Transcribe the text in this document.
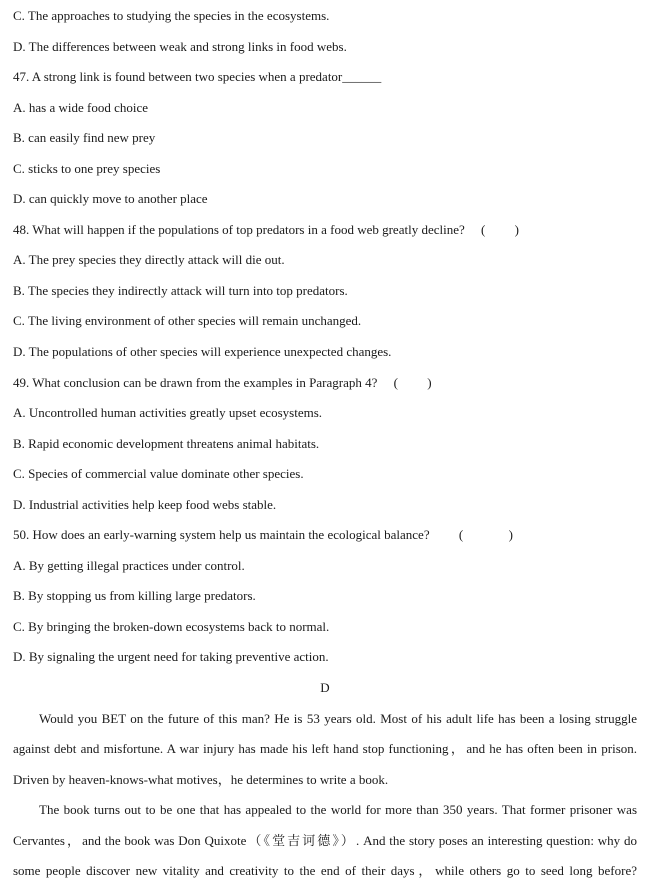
C. The approaches to studying the species in the ecosystems.
D. The differences between weak and strong links in food webs.
47. A strong link is found between two species when a predator______
A. has a wide food choice
B. can easily find new prey
C. sticks to one prey species
D. can quickly move to another place
48. What will happen if the populations of top predators in a food web greatly decline?     (         )
A. The prey species they directly attack will die out.
B. The species they indirectly attack will turn into top predators.
C. The living environment of other species will remain unchanged.
D. The populations of other species will experience unexpected changes.
49. What conclusion can be drawn from the examples in Paragraph 4?     (         )
A. Uncontrolled human activities greatly upset ecosystems.
B. Rapid economic development threatens animal habitats.
C. Species of commercial value dominate other species.
D. Industrial activities help keep food webs stable.
50. How does an early-warning system help us maintain the ecological balance?         (              )
A. By getting illegal practices under control.
B. By stopping us from killing large predators.
C. By bringing the broken-down ecosystems back to normal.
D. By signaling the urgent need for taking preventive action.
D
Would you BET on the future of this man? He is 53 years old. Most of his adult life has been a losing struggle
against debt and misfortune. A war injury has made his left hand stop functioning，and he has often been in prison.
Driven by heaven-knows-what motives，he determines to write a book.
The book turns out to be one that has appealed to the world for more than 350 years. That former prisoner was
Cervantes，and the book was Don Quixote（《堂吉诃德》）. And the story poses an interesting question: why do
some people discover new vitality and creativity to the end of their days，while others go to seed long before?
